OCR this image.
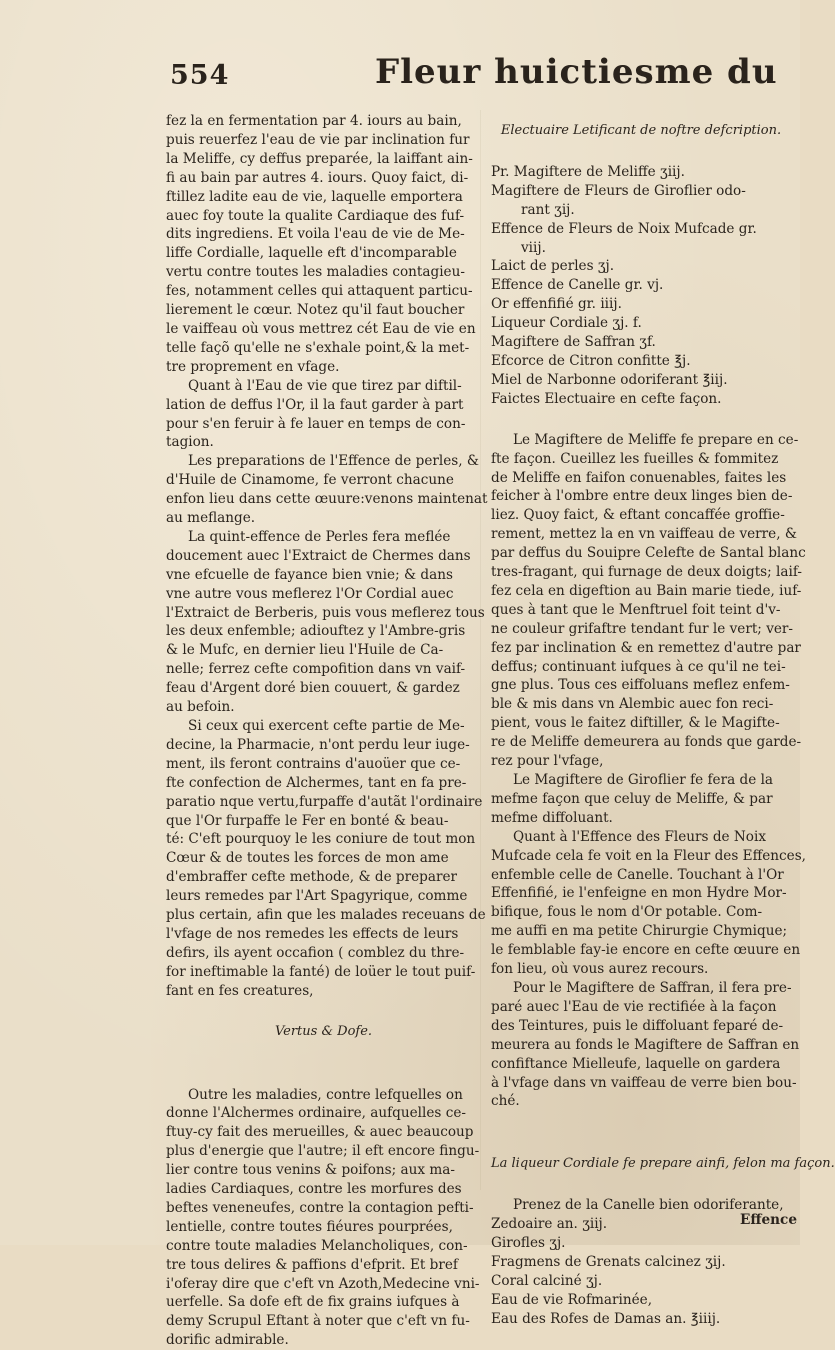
554	Fleur huictiesme du

fez la en fermentation par 4. iours au bain,
puis reuerfez l'eau de vie par inclination fur
la Meliffe, cy deffus preparée, la laiffant ain-
fi au bain par autres 4. iours. Quoy faict, di-
ftillez ladite eau de vie, laquelle emportera
auec foy toute la qualite Cardiaque des fuf-
dits ingrediens. Et voila l'eau de vie de Me-
liffe Cordialle, laquelle eft d'incomparable
vertu contre toutes les maladies contagieu-
fes, notamment celles qui attaquent particu-
lierement le cœur. Notez qu'il faut boucher
le vaiffeau où vous mettrez cét Eau de vie en
telle façõ qu'elle ne s'exhale point,& la met-
tre proprement en vfage.

Quant à l'Eau de vie que tirez par diftil-
lation de deffus l'Or, il la faut garder à part
pour s'en feruir à fe lauer en temps de con-
tagion.

Les preparations de l'Effence de perles, &
d'Huile de Cinamome, fe verront chacune
enfon lieu dans cette œuure:venons maintenat
au meflange.

La quint-effence de Perles fera meflée
doucement auec l'Extraict de Chermes dans
vne efcuelle de fayance bien vnie; & dans
vne autre vous meflerez l'Or Cordial auec
l'Extraict de Berberis, puis vous meflerez tous
les deux enfemble; adiouftez y l'Ambre-gris
& le Mufc, en dernier lieu l'Huile de Ca-
nelle; ferrez cefte compofition dans vn vaif-
feau d'Argent doré bien couuert, & gardez
au befoin.

Si ceux qui exercent cefte partie de Me-
decine, la Pharmacie, n'ont perdu leur iuge-
ment, ils feront contrains d'auoüer que ce-
fte confection de Alchermes, tant en fa pre-
paratio nque vertu,furpaffe d'autãt l'ordinaire
que l'Or furpaffe le Fer en bonté & beau-
té: C'eft pourquoy le les coniure de tout mon
Cœur & de toutes les forces de mon ame
d'embraffer cefte methode, & de preparer
leurs remedes par l'Art Spagyrique, comme
plus certain, afin que les malades receuans de
l'vfage de nos remedes les effects de leurs
defirs, ils ayent occafion ( comblez du thre-
for ineftimable la fanté) de loüer le tout puif-
fant en fes creatures,

Vertus & Dofe.

Outre les maladies, contre lefquelles on
donne l'Alchermes ordinaire, aufquelles ce-
ftuy-cy fait des merueilles, & auec beaucoup
plus d'energie que l'autre; il eft encore fingu-
lier contre tous venins & poifons; aux ma-
ladies Cardiaques, contre les morfures des
beftes veneneufes, contre la contagion pefti-
lentielle, contre toutes fiéures pourprées,
contre toute maladies Melancholiques, con-
tre tous delires & paffions d'efprit. Et bref
i'oferay dire que c'eft vn Azoth,Medecine vni-
uerfelle. Sa dofe eft de fix grains iufques à
demy Scrupul Eftant à noter que c'eft vn fu-
dorific admirable.

Electuaire Letificant de noftre defcription.
Pr. Magiftere de Meliffe ʒiij.
Magiftere de Fleurs de Giroflier odo-
rant ʒij.
Effence de Fleurs de Noix Mufcade gr.
viij.
Laict de perles ʒj.
Effence de Canelle gr. vj.
Or effenfifié gr. iiij.
Liqueur Cordiale ʒj. f.
Magiftere de Saffran ʒf.
Efcorce de Citron confitte ℥j.
Miel de Narbonne odoriferant ℥iij.
Faictes Electuaire en cefte façon.

Le Magiftere de Meliffe fe prepare en ce-
fte façon. Cueillez les fueilles & fommitez
de Meliffe en faifon conuenables, faites les
feicher à l'ombre entre deux linges bien de-
liez. Quoy faict, & eftant concaffée groffie-
rement, mettez la en vn vaiffeau de verre, &
par deffus du Souipre Celefte de Santal blanc
tres-fragant, qui furnage de deux doigts; laif-
fez cela en digeftion au Bain marie tiede, iuf-
ques à tant que le Menftruel foit teint d'v-
ne couleur grifaftre tendant fur le vert; ver-
fez par inclination & en remettez d'autre par
deffus; continuant iufques à ce qu'il ne tei-
gne plus. Tous ces eiffoluans meflez enfem-
ble & mis dans vn Alembic auec fon reci-
pient, vous le faitez diftiller, & le Magifte-
re de Meliffe demeurera au fonds que garde-
rez pour l'vfage,

Le Magiftere de Giroflier fe fera de la
mefme façon que celuy de Meliffe, & par
mefme diffoluant.

Quant à l'Effence des Fleurs de Noix
Mufcade cela fe voit en la Fleur des Effences,
enfemble celle de Canelle. Touchant à l'Or
Effenfifié, ie l'enfeigne en mon Hydre Mor-
bifique, fous le nom d'Or potable. Com-
me auffi en ma petite Chirurgie Chymique;
le femblable fay-ie encore en cefte œuure en
fon lieu, où vous aurez recours.

Pour le Magiftere de Saffran, il fera pre-
paré auec l'Eau de vie rectifiée à la façon
des Teintures, puis le diffoluant feparé de-
meurera au fonds le Magiftere de Saffran en
confiftance Mielleufe, laquelle on gardera
à l'vfage dans vn vaiffeau de verre bien bou-
ché.

La liqueur Cordiale fe prepare ainfi, felon ma façon.
Prenez de la Canelle bien odoriferante,
Zedoaire an. ʒiij.
Girofles ʒj.
Fragmens de Grenats calcinez ʒij.
Coral calciné ʒj.
Eau de vie Rofmarinée,
Eau des Rofes de Damas an. ℥iiij.
Effence
